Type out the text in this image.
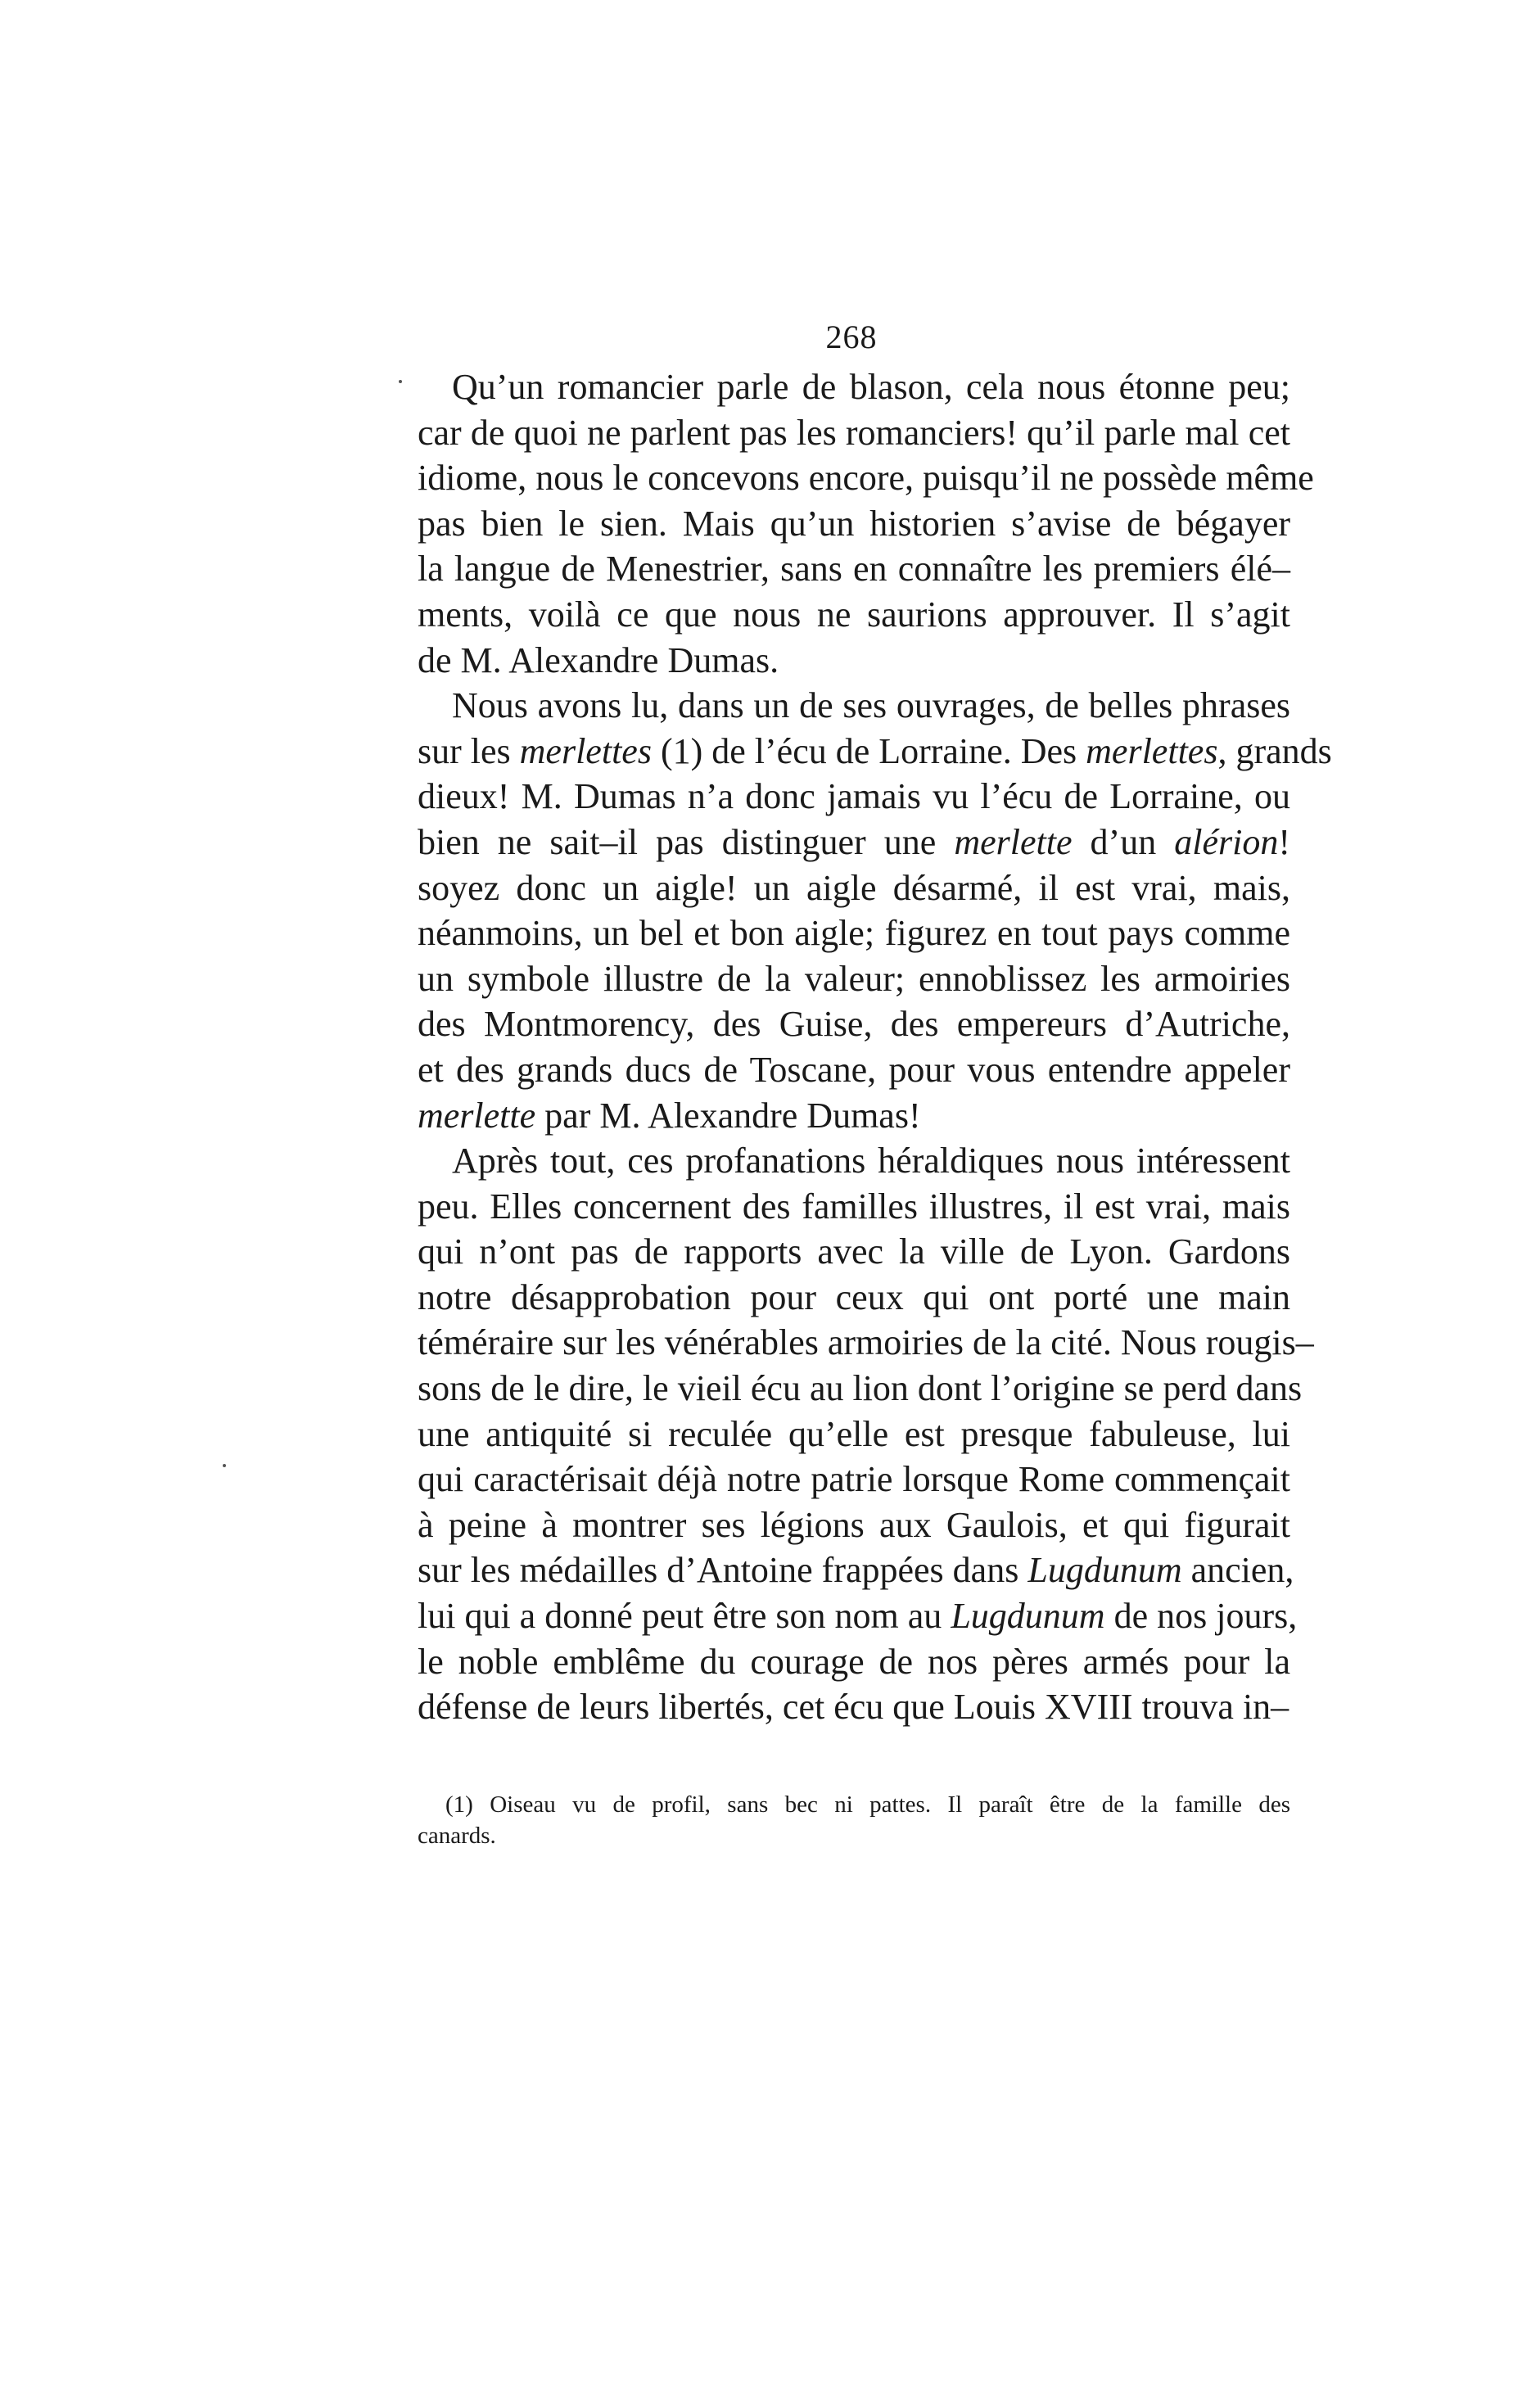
268
Qu’un romancier parle de blason, cela nous étonne peu;
car de quoi ne parlent pas les romanciers! qu’il parle mal cet
idiome, nous le concevons encore, puisqu’il ne possède même
pas bien le sien. Mais qu’un historien s’avise de bégayer
la langue de Menestrier, sans en connaître les premiers élé–
ments, voilà ce que nous ne saurions approuver. Il s’agit
de M. Alexandre Dumas.
Nous avons lu, dans un de ses ouvrages, de belles phrases
sur les merlettes (1) de l’écu de Lorraine. Des merlettes, grands
dieux! M. Dumas n’a donc jamais vu l’écu de Lorraine, ou
bien ne sait–il pas distinguer une merlette d’un alérion!
soyez donc un aigle! un aigle désarmé, il est vrai, mais,
néanmoins, un bel et bon aigle; figurez en tout pays comme
un symbole illustre de la valeur; ennoblissez les armoiries
des Montmorency, des Guise, des empereurs d’Autriche,
et des grands ducs de Toscane, pour vous entendre appeler
merlette par M. Alexandre Dumas!
Après tout, ces profanations héraldiques nous intéressent
peu. Elles concernent des familles illustres, il est vrai, mais
qui n’ont pas de rapports avec la ville de Lyon. Gardons
notre désapprobation pour ceux qui ont porté une main
téméraire sur les vénérables armoiries de la cité. Nous rougis–
sons de le dire, le vieil écu au lion dont l’origine se perd dans
une antiquité si reculée qu’elle est presque fabuleuse, lui
qui caractérisait déjà notre patrie lorsque Rome commençait
à peine à montrer ses légions aux Gaulois, et qui figurait
sur les médailles d’Antoine frappées dans Lugdunum ancien,
lui qui a donné peut être son nom au Lugdunum de nos jours,
le noble emblême du courage de nos pères armés pour la
défense de leurs libertés, cet écu que Louis XVIII trouva in–
(1) Oiseau vu de profil, sans bec ni pattes. Il paraît être de la famille des
canards.
